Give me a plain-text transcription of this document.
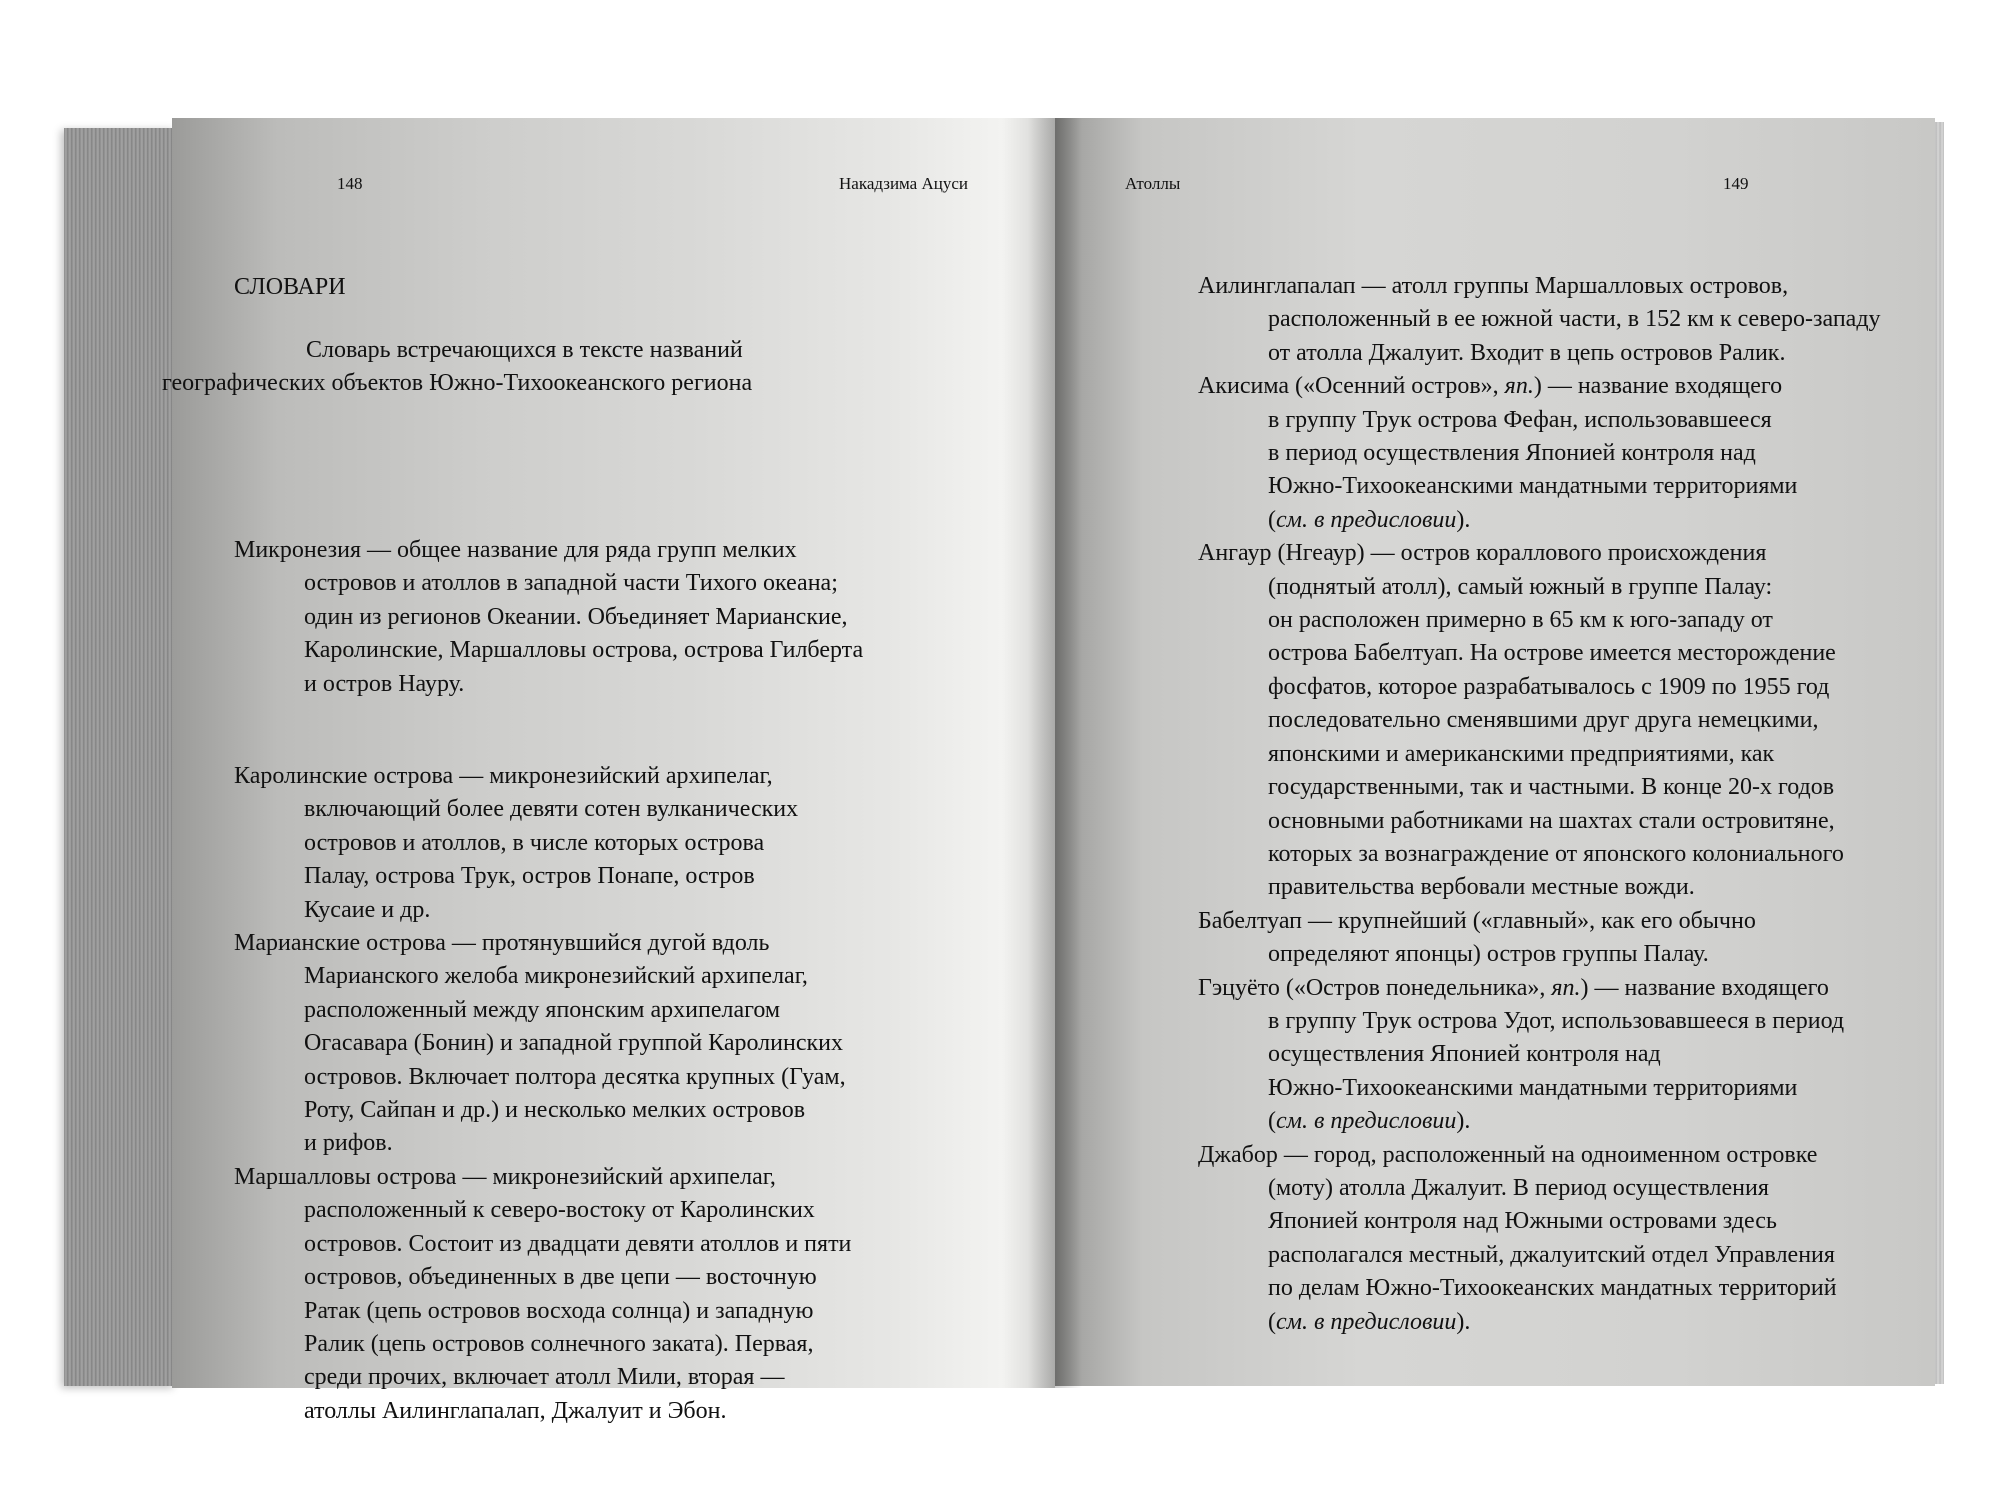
148	Накадзима Ацуси
СЛОВАРИ

Словарь встречающихся в тексте названий
географических объектов Южно-Тихоокеанского региона

Микронезия — общее название для ряда групп мелких
островов и атоллов в западной части Тихого океана;
один из регионов Океании. Объединяет Марианские,
Каролинские, Маршалловы острова, острова Гилберта
и остров Науру.
Каролинские острова — микронезийский архипелаг,
включающий более девяти сотен вулканических
островов и атоллов, в числе которых острова
Палау, острова Трук, остров Понапе, остров
Кусаие и др.
Марианские острова — протянувшийся дугой вдоль
Марианского желоба микронезийский архипелаг,
расположенный между японским архипелагом
Огасавара (Бонин) и западной группой Каролинских
островов. Включает полтора десятка крупных (Гуам,
Роту, Сайпан и др.) и несколько мелких островов
и рифов.
Маршалловы острова — микронезийский архипелаг,
расположенный к северо-востоку от Каролинских
островов. Состоит из двадцати девяти атоллов и пяти
островов, объединенных в две цепи — восточную
Ратак (цепь островов восхода солнца) и западную
Ралик (цепь островов солнечного заката). Первая,
среди прочих, включает атолл Мили, вторая —
атоллы Аилинглапалап, Джалуит и Эбон.
Атоллы	149
Аилинглапалап — атолл группы Маршалловых островов,
расположенный в ее южной части, в 152 км к северо-западу
от атолла Джалуит. Входит в цепь островов Ралик.
Акисима («Осенний остров», яп.) — название входящего
в группу Трук острова Фефан, использовавшееся
в период осуществления Японией контроля над
Южно-Тихоокеанскими мандатными территориями
(см. в предисловии).
Ангаур (Нгеаур) — остров кораллового происхождения
(поднятый атолл), самый южный в группе Палау:
он расположен примерно в 65 км к юго-западу от
острова Бабелтуап. На острове имеется месторождение
фосфатов, которое разрабатывалось с 1909 по 1955 год
последовательно сменявшими друг друга немецкими,
японскими и американскими предприятиями, как
государственными, так и частными. В конце 20-х годов
основными работниками на шахтах стали островитяне,
которых за вознаграждение от японского колониального
правительства вербовали местные вожди.
Бабелтуап — крупнейший («главный», как его обычно
определяют японцы) остров группы Палау.
Гэцуёто («Остров понедельника», яп.) — название входящего
в группу Трук острова Удот, использовавшееся в период
осуществления Японией контроля над
Южно-Тихоокеанскими мандатными территориями
(см. в предисловии).
Джабор — город, расположенный на одноименном островке
(моту) атолла Джалуит. В период осуществления
Японией контроля над Южными островами здесь
располагался местный, джалуитский отдел Управления
по делам Южно-Тихоокеанских мандатных территорий
(см. в предисловии).
